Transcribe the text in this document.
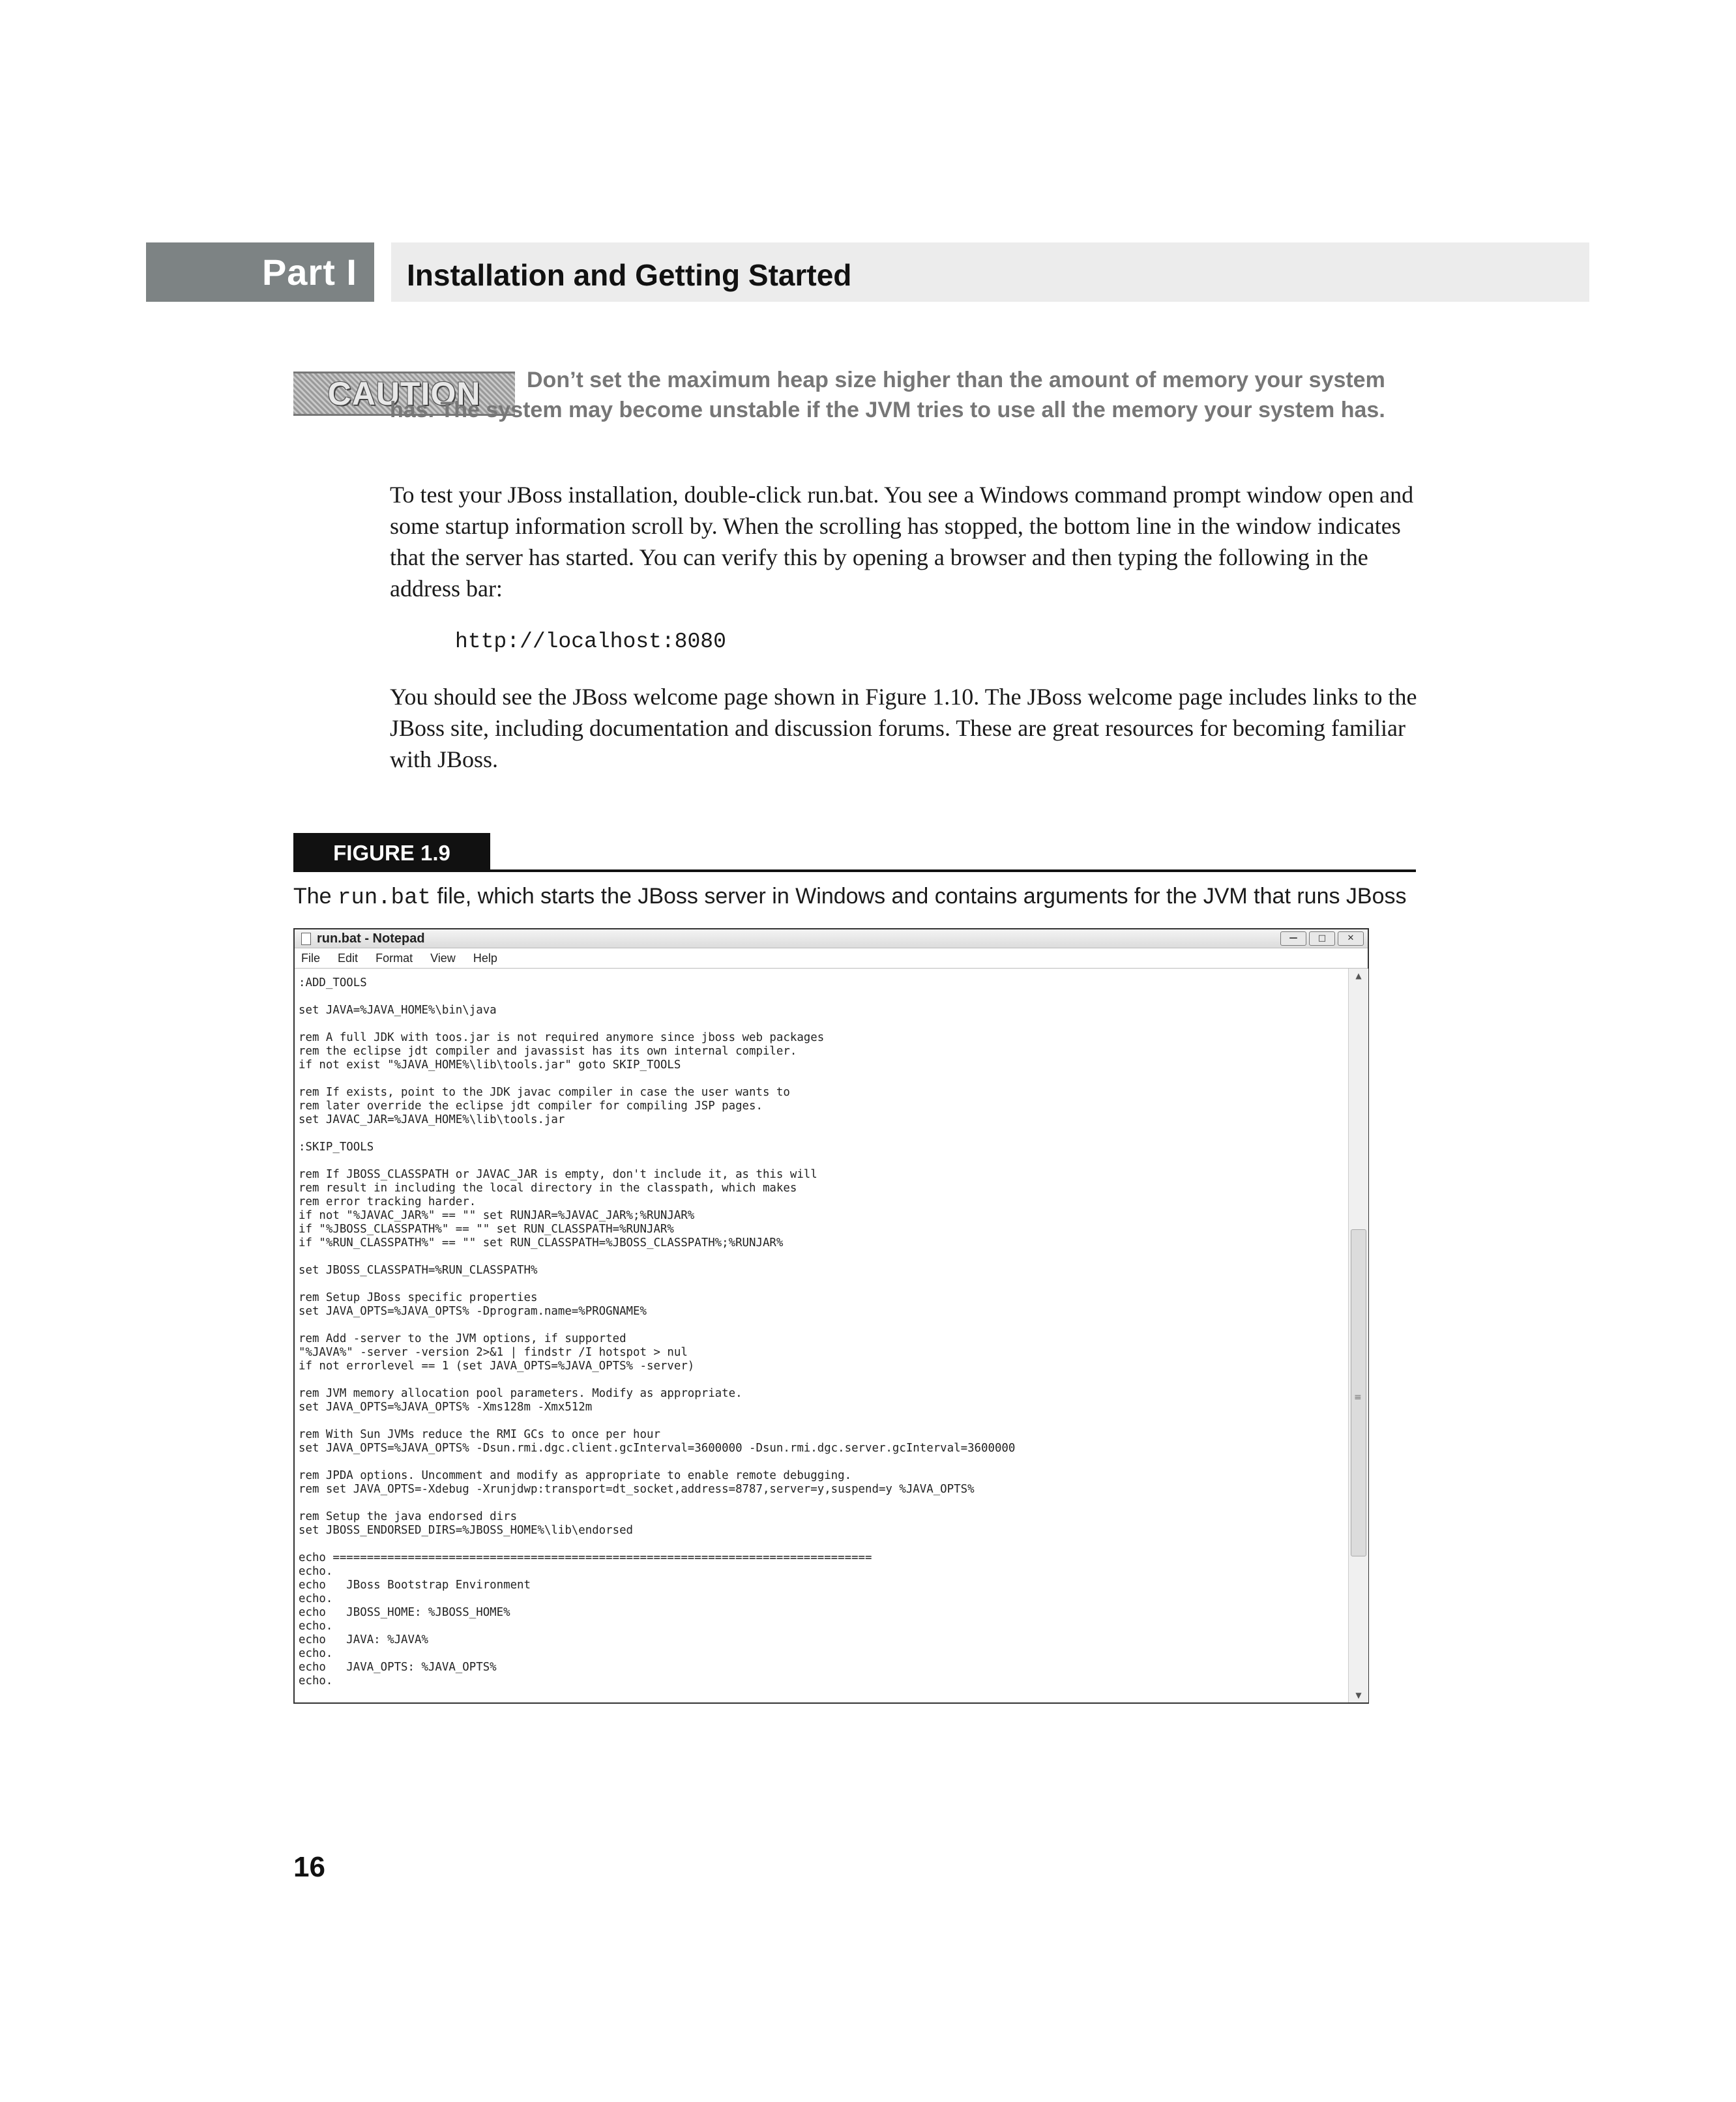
Part I	Installation and Getting Started
CAUTION	Don’t set the maximum heap size higher than the amount of memory your system has. The system may become unstable if the JVM tries to use all the memory your system has.
To test your JBoss installation, double-click run.bat. You see a Windows command prompt window open and some startup information scroll by. When the scrolling has stopped, the bottom line in the window indicates that the server has started. You can verify this by opening a browser and then typing the following in the address bar:
http://localhost:8080
You should see the JBoss welcome page shown in Figure 1.10. The JBoss welcome page includes links to the JBoss site, including documentation and discussion forums. These are great resources for becoming familiar with JBoss.
FIGURE 1.9
The run.bat file, which starts the JBoss server in Windows and contains arguments for the JVM that runs JBoss
run.bat - Notepad	—	□	✕
File Edit Format View Help
:ADD_TOOLS
set JAVA=%JAVA_HOME%\bin\java
rem A full JDK with toos.jar is not required anymore since jboss web packages
rem the eclipse jdt compiler and javassist has its own internal compiler.
if not exist "%JAVA_HOME%\lib\tools.jar" goto SKIP_TOOLS
rem If exists, point to the JDK javac compiler in case the user wants to
rem later override the eclipse jdt compiler for compiling JSP pages.
set JAVAC_JAR=%JAVA_HOME%\lib\tools.jar
:SKIP_TOOLS
rem If JBOSS_CLASSPATH or JAVAC_JAR is empty, don't include it, as this will
rem result in including the local directory in the classpath, which makes
rem error tracking harder.
if not "%JAVAC_JAR%" == "" set RUNJAR=%JAVAC_JAR%;%RUNJAR%
if "%JBOSS_CLASSPATH%" == "" set RUN_CLASSPATH=%RUNJAR%
if "%RUN_CLASSPATH%" == "" set RUN_CLASSPATH=%JBOSS_CLASSPATH%;%RUNJAR%
set JBOSS_CLASSPATH=%RUN_CLASSPATH%
rem Setup JBoss specific properties
set JAVA_OPTS=%JAVA_OPTS% -Dprogram.name=%PROGNAME%
rem Add -server to the JVM options, if supported
"%JAVA%" -server -version 2>&1 | findstr /I hotspot > nul
if not errorlevel == 1 (set JAVA_OPTS=%JAVA_OPTS% -server)
rem JVM memory allocation pool parameters. Modify as appropriate.
set JAVA_OPTS=%JAVA_OPTS% -Xms128m -Xmx512m
rem With Sun JVMs reduce the RMI GCs to once per hour
set JAVA_OPTS=%JAVA_OPTS% -Dsun.rmi.dgc.client.gcInterval=3600000 -Dsun.rmi.dgc.server.gcInterval=3600000
rem JPDA options. Uncomment and modify as appropriate to enable remote debugging.
rem set JAVA_OPTS=-Xdebug -Xrunjdwp:transport=dt_socket,address=8787,server=y,suspend=y %JAVA_OPTS%
rem Setup the java endorsed dirs
set JBOSS_ENDORSED_DIRS=%JBOSS_HOME%\lib\endorsed
echo ===============================================================================
echo.
echo   JBoss Bootstrap Environment
echo.
echo   JBOSS_HOME: %JBOSS_HOME%
echo.
echo   JAVA: %JAVA%
echo.
echo   JAVA_OPTS: %JAVA_OPTS%
echo.
▲
≡
▼
16
